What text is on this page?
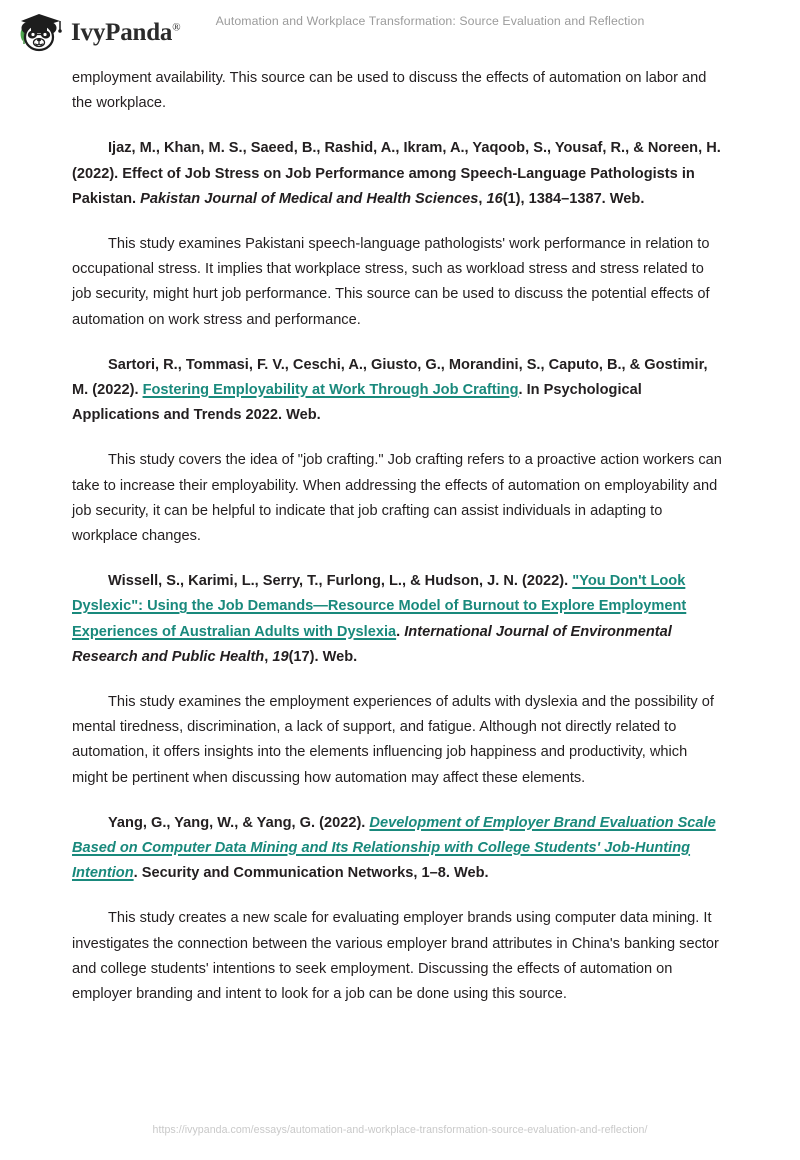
IvyPanda®	Automation and Workplace Transformation: Source Evaluation and Reflection

employment availability. This source can be used to discuss the effects of automation on labor and the workplace.

Ijaz, M., Khan, M. S., Saeed, B., Rashid, A., Ikram, A., Yaqoob, S., Yousaf, R., & Noreen, H. (2022). Effect of Job Stress on Job Performance among Speech-Language Pathologists in Pakistan. Pakistan Journal of Medical and Health Sciences, 16(1), 1384–1387. Web.

This study examines Pakistani speech-language pathologists' work performance in relation to occupational stress. It implies that workplace stress, such as workload stress and stress related to job security, might hurt job performance. This source can be used to discuss the potential effects of automation on work stress and performance.

Sartori, R., Tommasi, F. V., Ceschi, A., Giusto, G., Morandini, S., Caputo, B., & Gostimir, M. (2022). Fostering Employability at Work Through Job Crafting. In Psychological Applications and Trends 2022. Web.

This study covers the idea of "job crafting." Job crafting refers to a proactive action workers can take to increase their employability. When addressing the effects of automation on employability and job security, it can be helpful to indicate that job crafting can assist individuals in adapting to workplace changes.

Wissell, S., Karimi, L., Serry, T., Furlong, L., & Hudson, J. N. (2022). "You Don't Look Dyslexic": Using the Job Demands—Resource Model of Burnout to Explore Employment Experiences of Australian Adults with Dyslexia. International Journal of Environmental Research and Public Health, 19(17). Web.

This study examines the employment experiences of adults with dyslexia and the possibility of mental tiredness, discrimination, a lack of support, and fatigue. Although not directly related to automation, it offers insights into the elements influencing job happiness and productivity, which might be pertinent when discussing how automation may affect these elements.

Yang, G., Yang, W., & Yang, G. (2022). Development of Employer Brand Evaluation Scale Based on Computer Data Mining and Its Relationship with College Students' Job-Hunting Intention. Security and Communication Networks, 1–8. Web.

This study creates a new scale for evaluating employer brands using computer data mining. It investigates the connection between the various employer brand attributes in China's banking sector and college students' intentions to seek employment. Discussing the effects of automation on employer branding and intent to look for a job can be done using this source.

https://ivypanda.com/essays/automation-and-workplace-transformation-source-evaluation-and-reflection/
